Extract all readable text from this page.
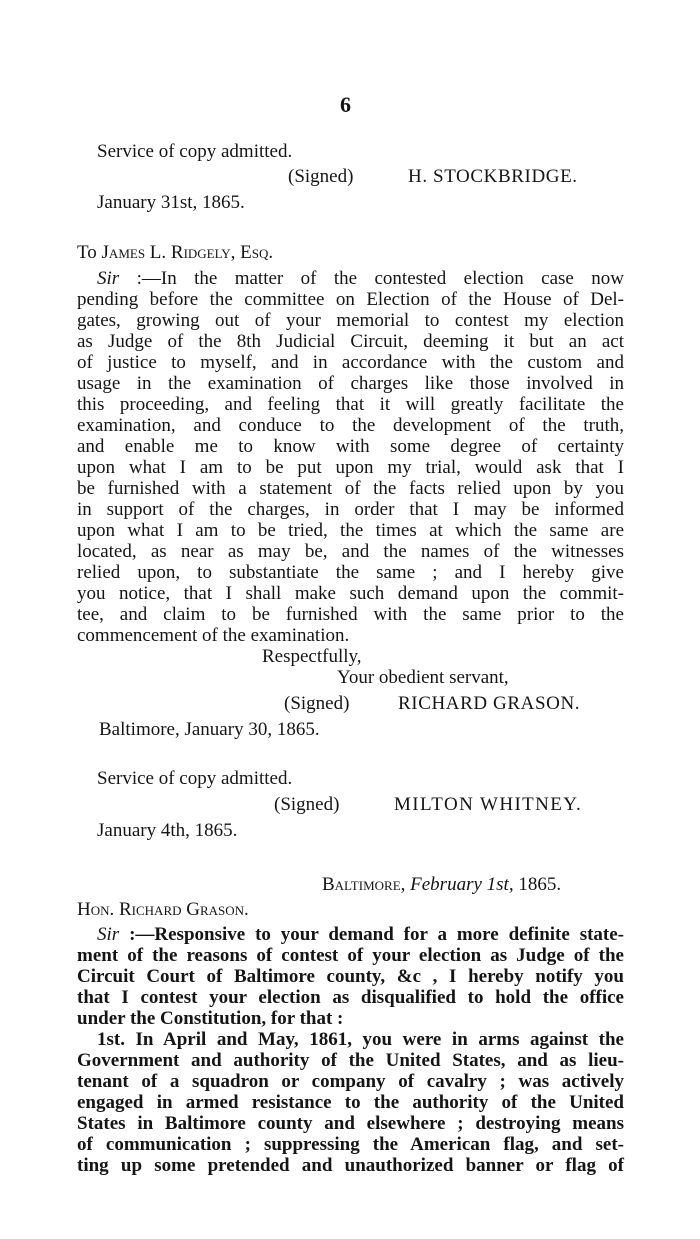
6
Service of copy admitted.
(Signed)	H. STOCKBRIDGE.
January 31st, 1865.
To James L. Ridgely, Esq.
Sir :—In the matter of the contested election case now
pending before the committee on Election of the House of Del-
gates, growing out of your memorial to contest my election
as Judge of the 8th Judicial Circuit, deeming it but an act
of justice to myself, and in accordance with the custom and
usage in the examination of charges like those involved in
this proceeding, and feeling that it will greatly facilitate the
examination, and conduce to the development of the truth,
and enable me to know with some degree of certainty
upon what I am to be put upon my trial, would ask that I
be furnished with a statement of the facts relied upon by you
in support of the charges, in order that I may be informed
upon what I am to be tried, the times at which the same are
located, as near as may be, and the names of the witnesses
relied upon, to substantiate the same ; and I hereby give
you notice, that I shall make such demand upon the commit-
tee, and claim to be furnished with the same prior to the
commencement of the examination.
Respectfully,
Your obedient servant,
(Signed)	RICHARD GRASON.
Baltimore, January 30, 1865.
Service of copy admitted.
(Signed)	MILTON WHITNEY.
January 4th, 1865.
Baltimore, February 1st, 1865.
Hon. Richard Grason.
Sir :—Responsive to your demand for a more definite state-
ment of the reasons of contest of your election as Judge of the
Circuit Court of Baltimore county, &c , I hereby notify you
that I contest your election as disqualified to hold the office
under the Constitution, for that :
1st. In April and May, 1861, you were in arms against the
Government and authority of the United States, and as lieu-
tenant of a squadron or company of cavalry ; was actively
engaged in armed resistance to the authority of the United
States in Baltimore county and elsewhere ; destroying means
of communication ; suppressing the American flag, and set-
ting up some pretended and unauthorized banner or flag of
